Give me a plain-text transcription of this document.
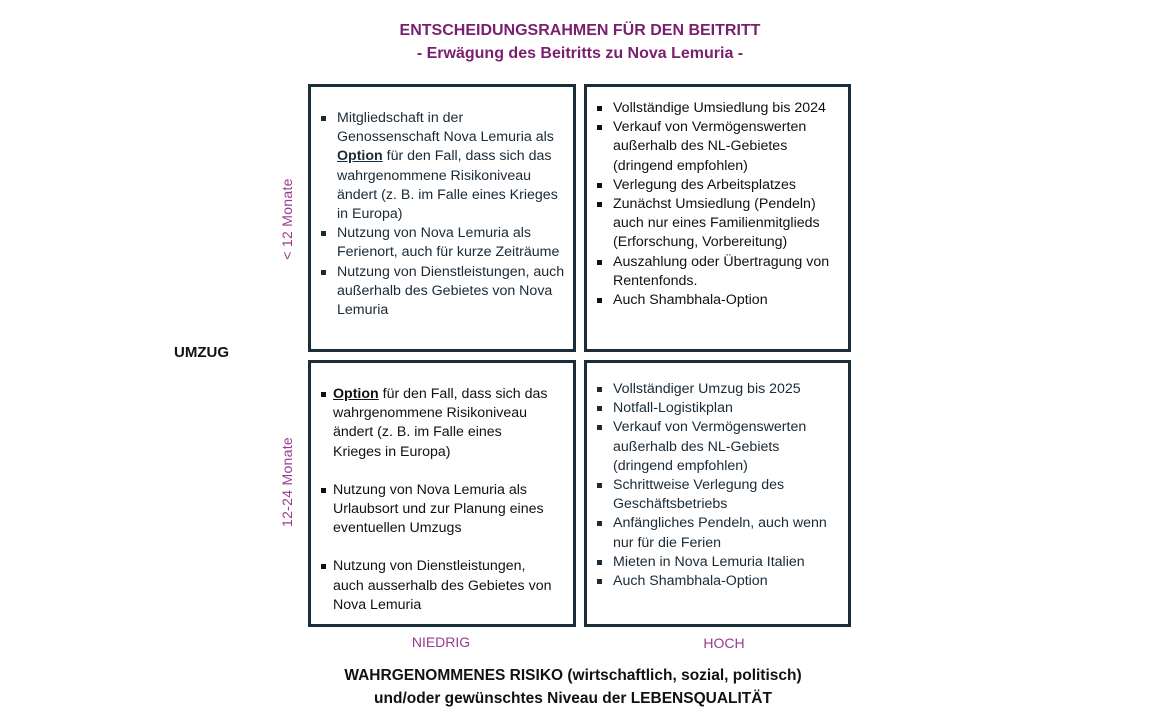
ENTSCHEIDUNGSRAHMEN FÜR DEN BEITRITT
- Erwägung des Beitritts zu Nova Lemuria -
< 12 Monate
12-24 Monate
UMZUG
Mitgliedschaft in der Genossenschaft Nova Lemuria als Option für den Fall, dass sich das wahrgenommene Risikoniveau ändert (z. B. im Falle eines Krieges in Europa)
Nutzung von Nova Lemuria als Ferienort, auch für kurze Zeiträume
Nutzung von Dienstleistungen, auch außerhalb des Gebietes von Nova Lemuria
Vollständige Umsiedlung bis 2024
Verkauf von Vermögenswerten außerhalb des NL-Gebietes (dringend empfohlen)
Verlegung des Arbeitsplatzes
Zunächst Umsiedlung (Pendeln) auch nur eines Familienmitglieds (Erforschung, Vorbereitung)
Auszahlung oder Übertragung von Rentenfonds.
Auch Shambhala-Option
Option für den Fall, dass sich das wahrgenommene Risikoniveau ändert (z. B. im Falle eines Krieges in Europa)
Nutzung von Nova Lemuria als Urlaubsort und zur Planung eines eventuellen Umzugs
Nutzung von Dienstleistungen, auch ausserhalb des Gebietes von Nova Lemuria
Vollständiger Umzug bis 2025
Notfall-Logistikplan
Verkauf von Vermögenswerten außerhalb des NL-Gebiets (dringend empfohlen)
Schrittweise Verlegung des Geschäftsbetriebs
Anfängliches Pendeln, auch wenn nur für die Ferien
Mieten in Nova Lemuria Italien
Auch Shambhala-Option
NIEDRIG	HOCH
WAHRGENOMMENES RISIKO (wirtschaftlich, sozial, politisch)
und/oder gewünschtes Niveau der LEBENSQUALITÄT
